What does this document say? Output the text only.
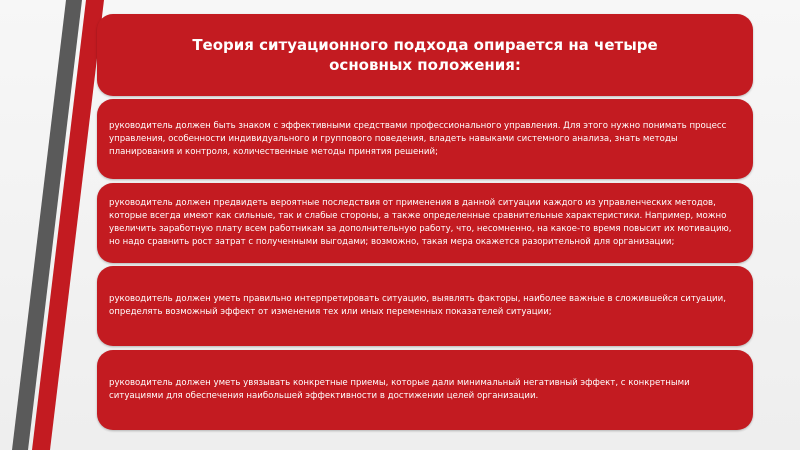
Теория ситуационного подхода опирается на четыре основных положения:
руководитель должен быть знаком с эффективными средствами профессионального управления. Для этого нужно понимать процесс управления, особенности индивидуального и группового поведения, владеть навыками системного анализа, знать методы планирования и контроля, количественные методы принятия решений;
руководитель должен предвидеть вероятные последствия от применения в данной ситуации каждого из управленческих методов, которые всегда имеют как сильные, так и слабые стороны, а также определенные сравнительные характеристики. Например, можно увеличить заработную плату всем работникам за дополнительную работу, что, несомненно, на какое-то время повысит их мотивацию, но надо сравнить рост затрат с полученными выгодами; возможно, такая мера окажется разорительной для организации;
руководитель должен уметь правильно интерпретировать ситуацию, выявлять факторы, наиболее важные в сложившейся ситуации, определять возможный эффект от изменения тех или иных переменных показателей ситуации;
руководитель должен уметь увязывать конкретные приемы, которые дали минимальный негативный эффект, с конкретными ситуациями для обеспечения наибольшей эффективности в достижении целей организации.
